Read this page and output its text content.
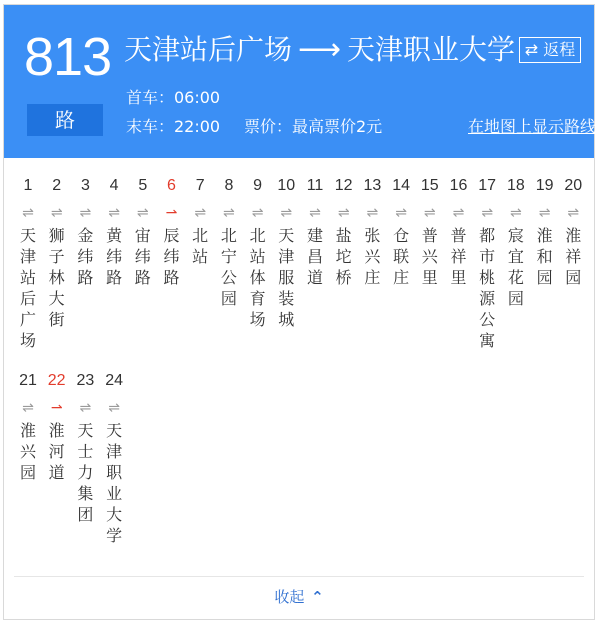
813
路
天津站后广场 ⟶ 天津职业大学 ⇄ 返程
首车：06:00
末车：22:00 票价：最高票价2元	在地图上显示路线
1
⇌
天津站后广场
2
⇌
狮子林大街
3
⇌
金纬路
4
⇌
黄纬路
5
⇌
宙纬路
6
⇀
辰纬路
7
⇌
北站
8
⇌
北宁公园
9
⇌
北站体育场
10
⇌
天津服装城
11
⇌
建昌道
12
⇌
盐坨桥
13
⇌
张兴庄
14
⇌
仓联庄
15
⇌
普兴里
16
⇌
普祥里
17
⇌
都市桃源公寓
18
⇌
宸宜花园
19
⇌
淮和园
20
⇌
淮祥园
21
⇌
淮兴园
22
⇀
淮河道
23
⇌
天士力集团
24
⇌
天津职业大学
收起 ⌃
